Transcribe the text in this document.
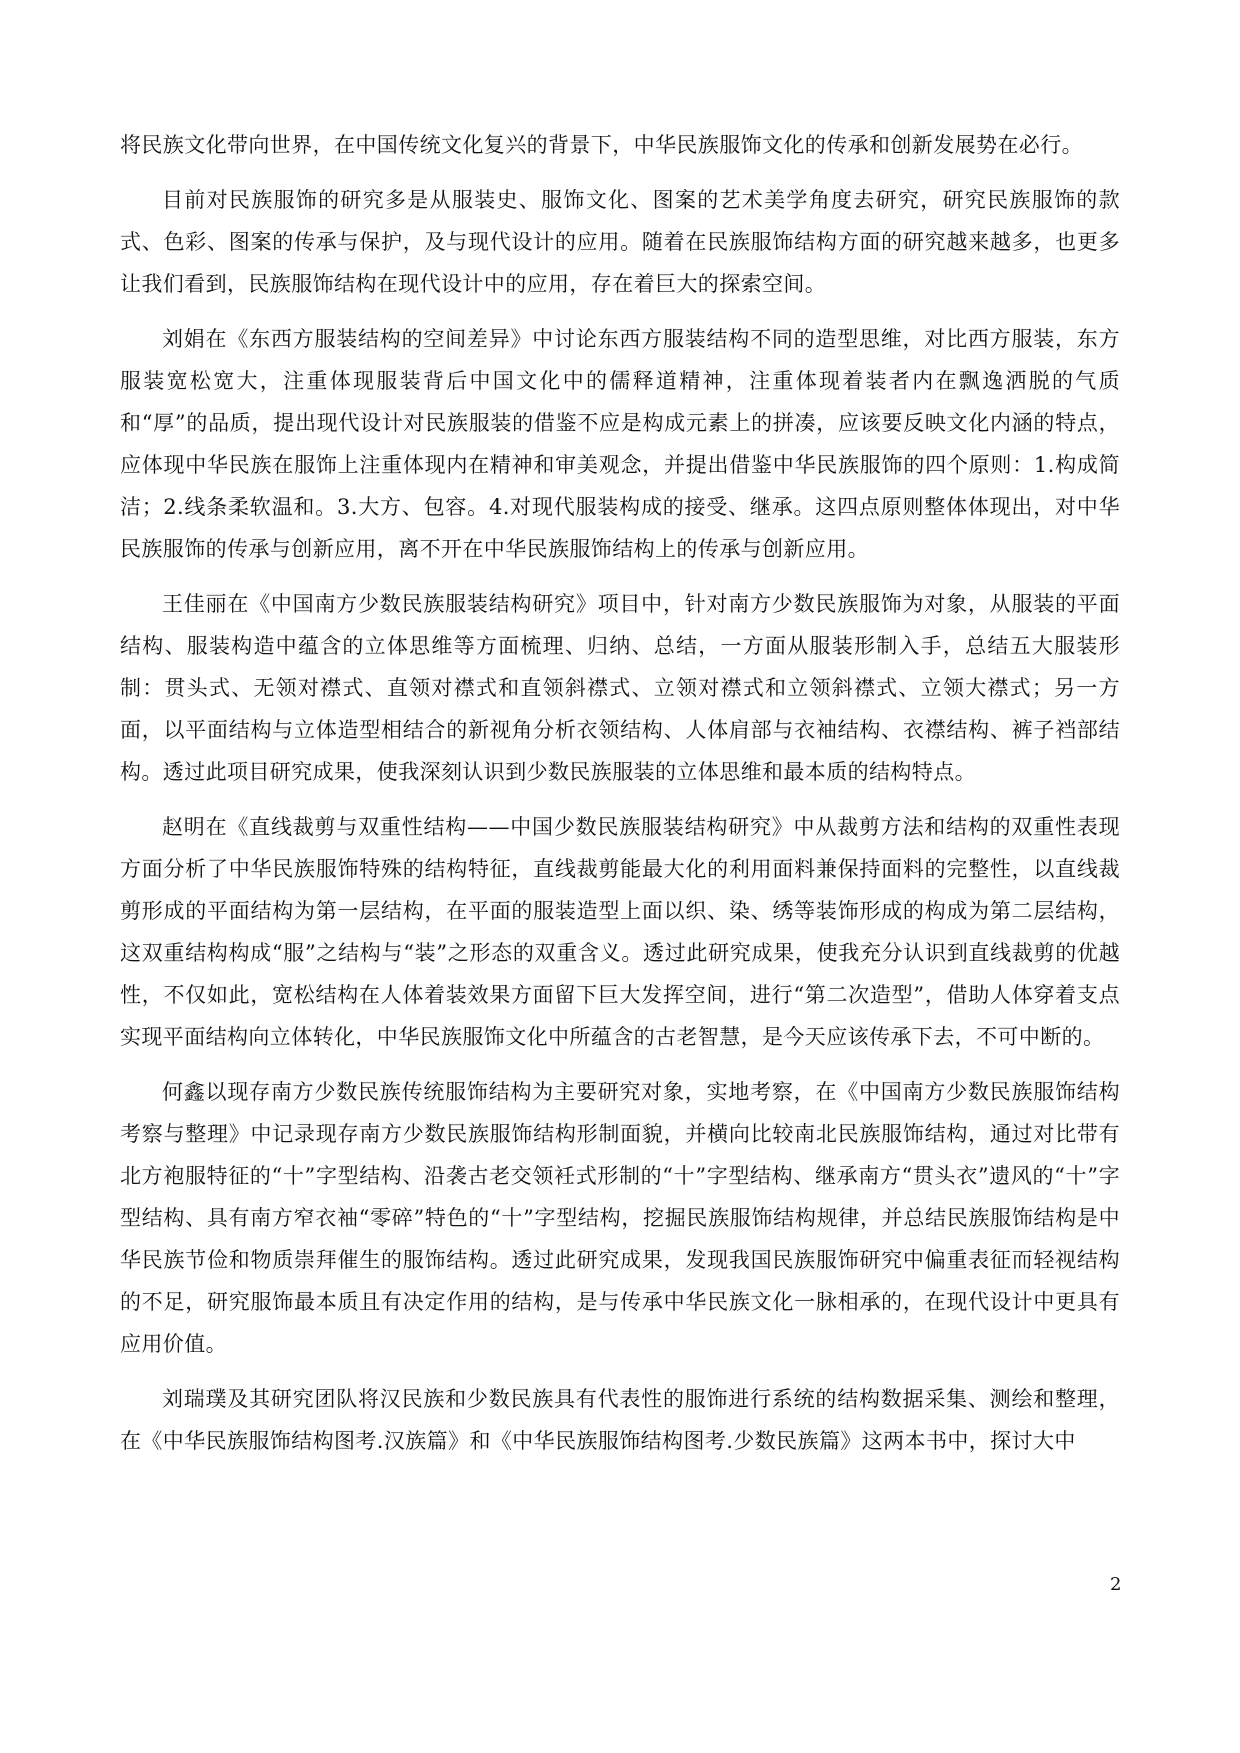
将民族文化带向世界，在中国传统文化复兴的背景下，中华民族服饰文化的传承和创新发展势在必行。

目前对民族服饰的研究多是从服装史、服饰文化、图案的艺术美学角度去研究，研究民族服饰的款式、色彩、图案的传承与保护，及与现代设计的应用。随着在民族服饰结构方面的研究越来越多，也更多让我们看到，民族服饰结构在现代设计中的应用，存在着巨大的探索空间。

刘娟在《东西方服装结构的空间差异》中讨论东西方服装结构不同的造型思维，对比西方服装，东方服装宽松宽大，注重体现服装背后中国文化中的儒释道精神，注重体现着装者内在飘逸洒脱的气质和“厚”的品质，提出现代设计对民族服装的借鉴不应是构成元素上的拼凑，应该要反映文化内涵的特点，应体现中华民族在服饰上注重体现内在精神和审美观念，并提出借鉴中华民族服饰的四个原则：1.构成简洁；2.线条柔软温和。3.大方、包容。4.对现代服装构成的接受、继承。这四点原则整体体现出，对中华民族服饰的传承与创新应用，离不开在中华民族服饰结构上的传承与创新应用。

王佳丽在《中国南方少数民族服装结构研究》项目中，针对南方少数民族服饰为对象，从服装的平面结构、服装构造中蕴含的立体思维等方面梳理、归纳、总结，一方面从服装形制入手，总结五大服装形制：贯头式、无领对襟式、直领对襟式和直领斜襟式、立领对襟式和立领斜襟式、立领大襟式；另一方面，以平面结构与立体造型相结合的新视角分析衣领结构、人体肩部与衣袖结构、衣襟结构、裤子裆部结构。透过此项目研究成果，使我深刻认识到少数民族服装的立体思维和最本质的结构特点。

赵明在《直线裁剪与双重性结构——中国少数民族服装结构研究》中从裁剪方法和结构的双重性表现方面分析了中华民族服饰特殊的结构特征，直线裁剪能最大化的利用面料兼保持面料的完整性，以直线裁剪形成的平面结构为第一层结构，在平面的服装造型上面以织、染、绣等装饰形成的构成为第二层结构，这双重结构构成“服”之结构与“装”之形态的双重含义。透过此研究成果，使我充分认识到直线裁剪的优越性，不仅如此，宽松结构在人体着装效果方面留下巨大发挥空间，进行“第二次造型”，借助人体穿着支点实现平面结构向立体转化，中华民族服饰文化中所蕴含的古老智慧，是今天应该传承下去，不可中断的。

何鑫以现存南方少数民族传统服饰结构为主要研究对象，实地考察，在《中国南方少数民族服饰结构考察与整理》中记录现存南方少数民族服饰结构形制面貌，并横向比较南北民族服饰结构，通过对比带有北方袍服特征的“十”字型结构、沿袭古老交领衽式形制的“十”字型结构、继承南方“贯头衣”遗风的“十”字型结构、具有南方窄衣袖“零碎”特色的“十”字型结构，挖掘民族服饰结构规律，并总结民族服饰结构是中华民族节俭和物质崇拜催生的服饰结构。透过此研究成果，发现我国民族服饰研究中偏重表征而轻视结构的不足，研究服饰最本质且有决定作用的结构，是与传承中华民族文化一脉相承的，在现代设计中更具有应用价值。

刘瑞璞及其研究团队将汉民族和少数民族具有代表性的服饰进行系统的结构数据采集、测绘和整理，在《中华民族服饰结构图考.汉族篇》和《中华民族服饰结构图考.少数民族篇》这两本书中，探讨大中

2
